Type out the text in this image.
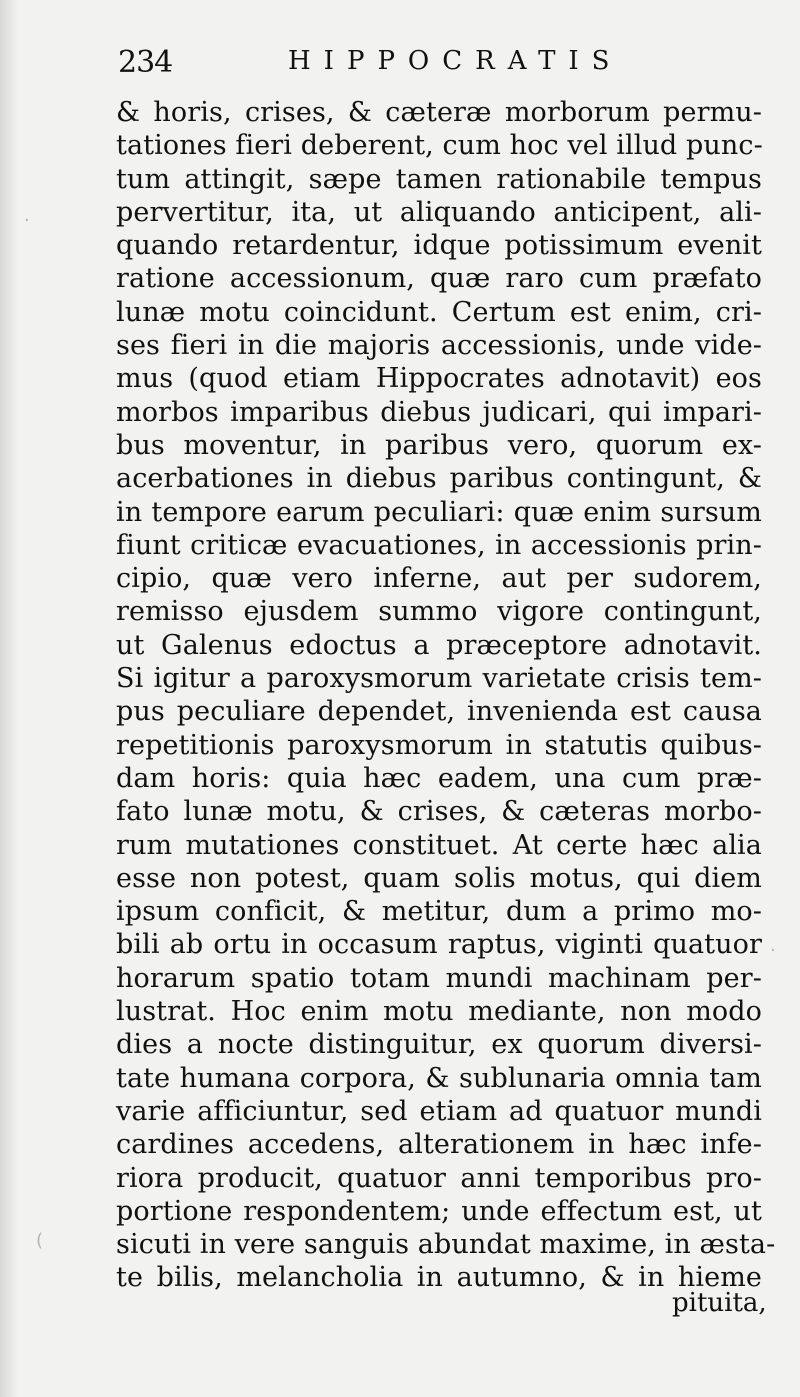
234	HIPPOCRATIS
& horis, crises, & cæteræ morborum permu-
tationes fieri deberent, cum hoc vel illud punc-
tum attingit, sæpe tamen rationabile tempus
pervertitur, ita, ut aliquando anticipent, ali-
quando retardentur, idque potissimum evenit
ratione accessionum, quæ raro cum præfato
lunæ motu coincidunt. Certum est enim, cri-
ses fieri in die majoris accessionis, unde vide-
mus (quod etiam Hippocrates adnotavit) eos
morbos imparibus diebus judicari, qui impari-
bus moventur, in paribus vero, quorum ex-
acerbationes in diebus paribus contingunt, &
in tempore earum peculiari: quæ enim sursum
fiunt criticæ evacuationes, in accessionis prin-
cipio, quæ vero inferne, aut per sudorem,
remisso ejusdem summo vigore contingunt,
ut Galenus edoctus a præceptore adnotavit.
Si igitur a paroxysmorum varietate crisis tem-
pus peculiare dependet, invenienda est causa
repetitionis paroxysmorum in statutis quibus-
dam horis: quia hæc eadem, una cum præ-
fato lunæ motu, & crises, & cæteras morbo-
rum mutationes constituet. At certe hæc alia
esse non potest, quam solis motus, qui diem
ipsum conficit, & metitur, dum a primo mo-
bili ab ortu in occasum raptus, viginti quatuor
horarum spatio totam mundi machinam per-
lustrat. Hoc enim motu mediante, non modo
dies a nocte distinguitur, ex quorum diversi-
tate humana corpora, & sublunaria omnia tam
varie afficiuntur, sed etiam ad quatuor mundi
cardines accedens, alterationem in hæc infe-
riora producit, quatuor anni temporibus pro-
portione respondentem; unde effectum est, ut
sicuti in vere sanguis abundat maxime, in æsta-
te bilis, melancholia in autumno, & in hieme
pituita,
·
(
·
